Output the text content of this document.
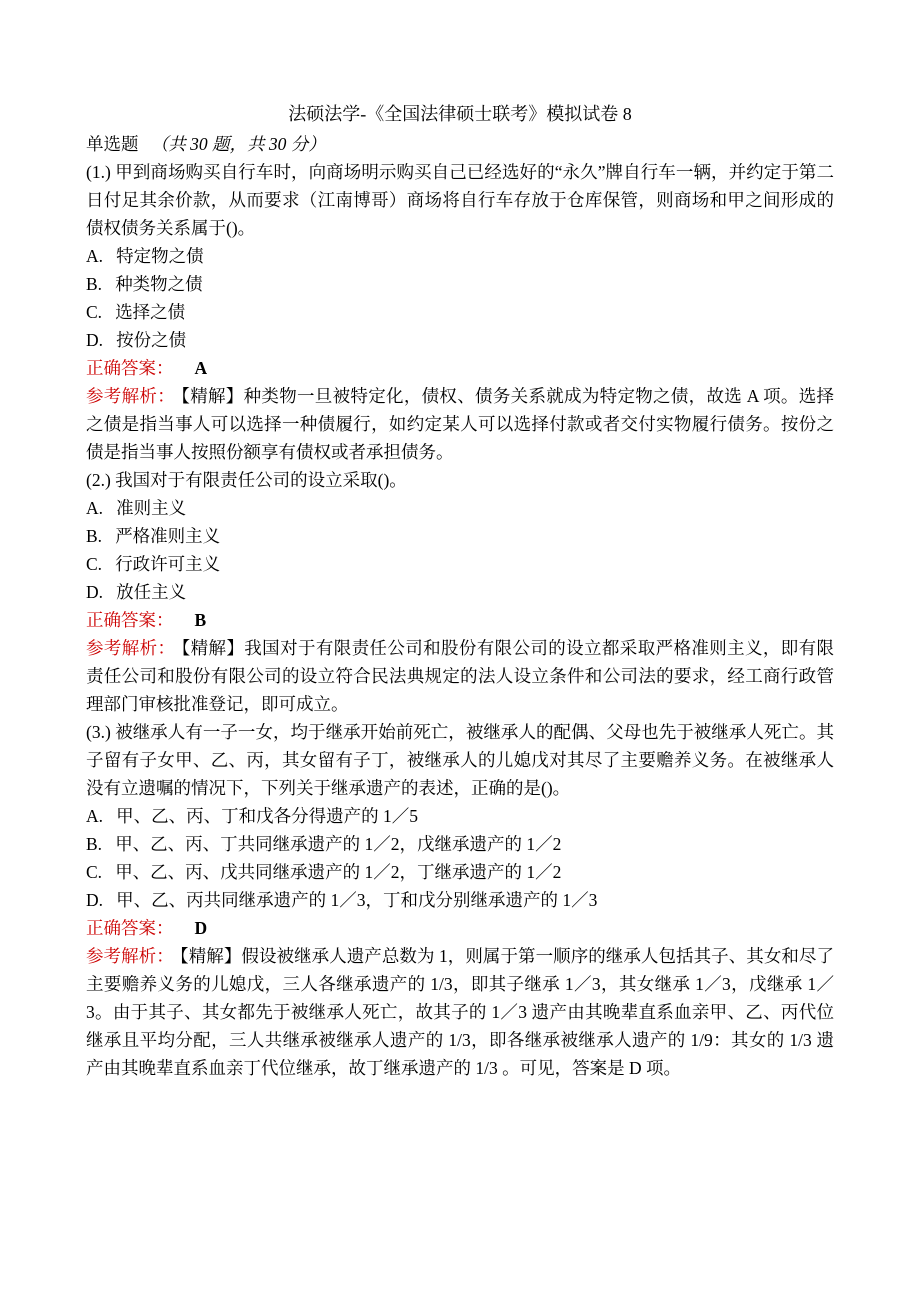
法硕法学-《全国法律硕士联考》模拟试卷 8

单选题 （共 30 题，共 30 分）

(1.) 甲到商场购买自行车时，向商场明示购买自己已经选好的“永久”牌自行车一辆，并约定于第二日付足其余价款，从而要求（江南博哥）商场将自行车存放于仓库保管，则商场和甲之间形成的债权债务关系属于()。

A. 特定物之债

B. 种类物之债

C. 选择之债

D. 按份之债

正确答案： A

参考解析： 【精解】种类物一旦被特定化，债权、债务关系就成为特定物之债，故选 A 项。选择之债是指当事人可以选择一种债履行，如约定某人可以选择付款或者交付实物履行债务。按份之债是指当事人按照份额享有债权或者承担债务。

(2.) 我国对于有限责任公司的设立采取()。

A. 准则主义

B. 严格准则主义

C. 行政许可主义

D. 放任主义

正确答案： B

参考解析： 【精解】我国对于有限责任公司和股份有限公司的设立都采取严格准则主义，即有限责任公司和股份有限公司的设立符合民法典规定的法人设立条件和公司法的要求，经工商行政管理部门审核批准登记，即可成立。

(3.) 被继承人有一子一女，均于继承开始前死亡，被继承人的配偶、父母也先于被继承人死亡。其子留有子女甲、乙、丙，其女留有子丁，被继承人的儿媳戊对其尽了主要赡养义务。在被继承人没有立遗嘱的情况下，下列关于继承遗产的表述，正确的是()。

A. 甲、乙、丙、丁和戊各分得遗产的 1／5

B. 甲、乙、丙、丁共同继承遗产的 1／2，戊继承遗产的 1／2

C. 甲、乙、丙、戊共同继承遗产的 1／2，丁继承遗产的 1／2

D. 甲、乙、丙共同继承遗产的 1／3，丁和戊分别继承遗产的 1／3

正确答案： D

参考解析： 【精解】假设被继承人遗产总数为 1，则属于第一顺序的继承人包括其子、其女和尽了主要赡养义务的儿媳戊，三人各继承遗产的 1/3，即其子继承 1／3，其女继承 1／3，戊继承 1／3。由于其子、其女都先于被继承人死亡，故其子的 1／3 遗产由其晚辈直系血亲甲、乙、丙代位继承且平均分配，三人共继承被继承人遗产的 1/3，即各继承被继承人遗产的 1/9：其女的 1/3 遗产由其晚辈直系血亲丁代位继承，故丁继承遗产的 1/3 。可见，答案是 D 项。
